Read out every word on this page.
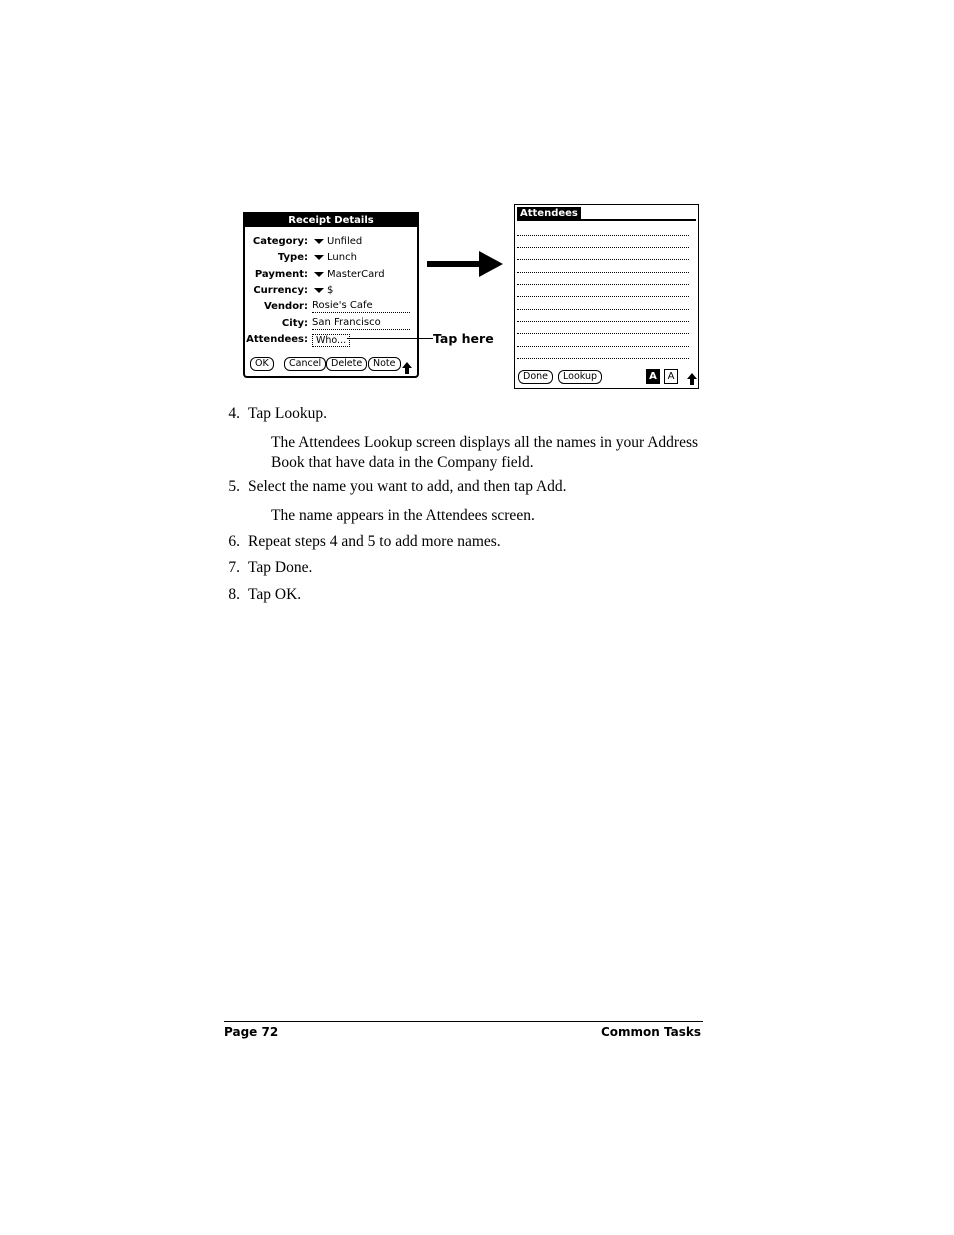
Receipt Details
Category: Unfiled
Type: Lunch
Payment: MasterCard
Currency: $
Vendor: Rosie's Cafe
City: San Francisco
Attendees: Who...
OK	Cancel	Delete	Note
Tap here
Attendees
Done	Lookup	A	A
4. Tap Lookup.
The Attendees Lookup screen displays all the names in your Address Book that have data in the Company field.
5. Select the name you want to add, and then tap Add.
The name appears in the Attendees screen.
6. Repeat steps 4 and 5 to add more names.
7. Tap Done.
8. Tap OK.
Page 72	Common Tasks
